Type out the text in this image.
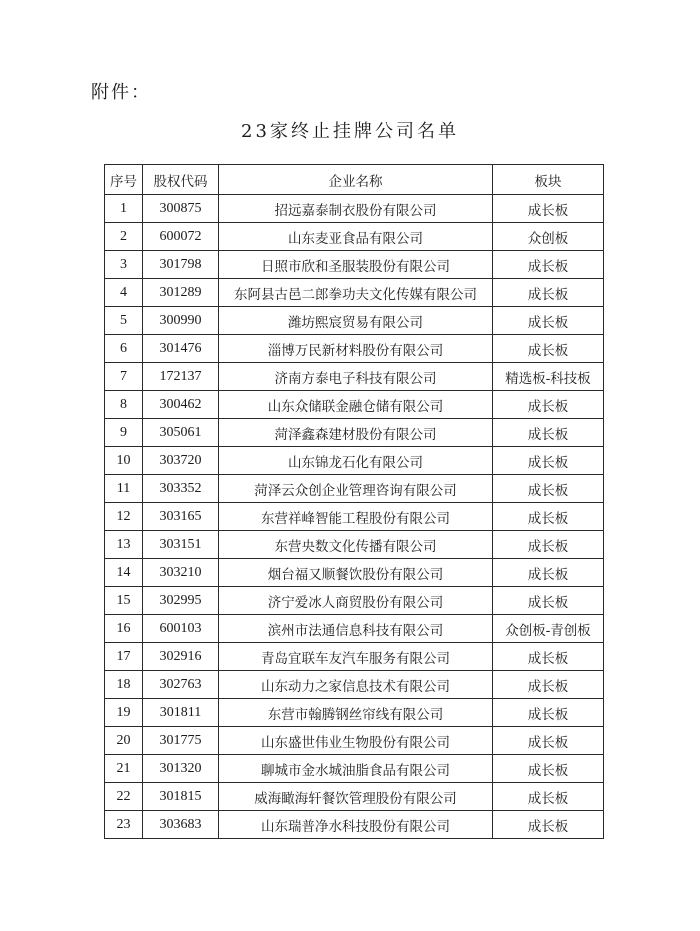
附件：
23家终止挂牌公司名单
序号	股权代码	企业名称	板块
1	300875	招远嘉泰制衣股份有限公司	成长板
2	600072	山东麦亚食品有限公司	众创板
3	301798	日照市欣和圣服装股份有限公司	成长板
4	301289	东阿县古邑二郎拳功夫文化传媒有限公司	成长板
5	300990	潍坊熙宸贸易有限公司	成长板
6	301476	淄博万民新材料股份有限公司	成长板
7	172137	济南方泰电子科技有限公司	精选板-科技板
8	300462	山东众储联金融仓储有限公司	成长板
9	305061	菏泽鑫森建材股份有限公司	成长板
10	303720	山东锦龙石化有限公司	成长板
11	303352	菏泽云众创企业管理咨询有限公司	成长板
12	303165	东营祥峰智能工程股份有限公司	成长板
13	303151	东营央数文化传播有限公司	成长板
14	303210	烟台福又顺餐饮股份有限公司	成长板
15	302995	济宁爱冰人商贸股份有限公司	成长板
16	600103	滨州市法通信息科技有限公司	众创板-青创板
17	302916	青岛宜联车友汽车服务有限公司	成长板
18	302763	山东动力之家信息技术有限公司	成长板
19	301811	东营市翰腾钢丝帘线有限公司	成长板
20	301775	山东盛世伟业生物股份有限公司	成长板
21	301320	聊城市金水城油脂食品有限公司	成长板
22	301815	威海瞰海轩餐饮管理股份有限公司	成长板
23	303683	山东瑞普净水科技股份有限公司	成长板
